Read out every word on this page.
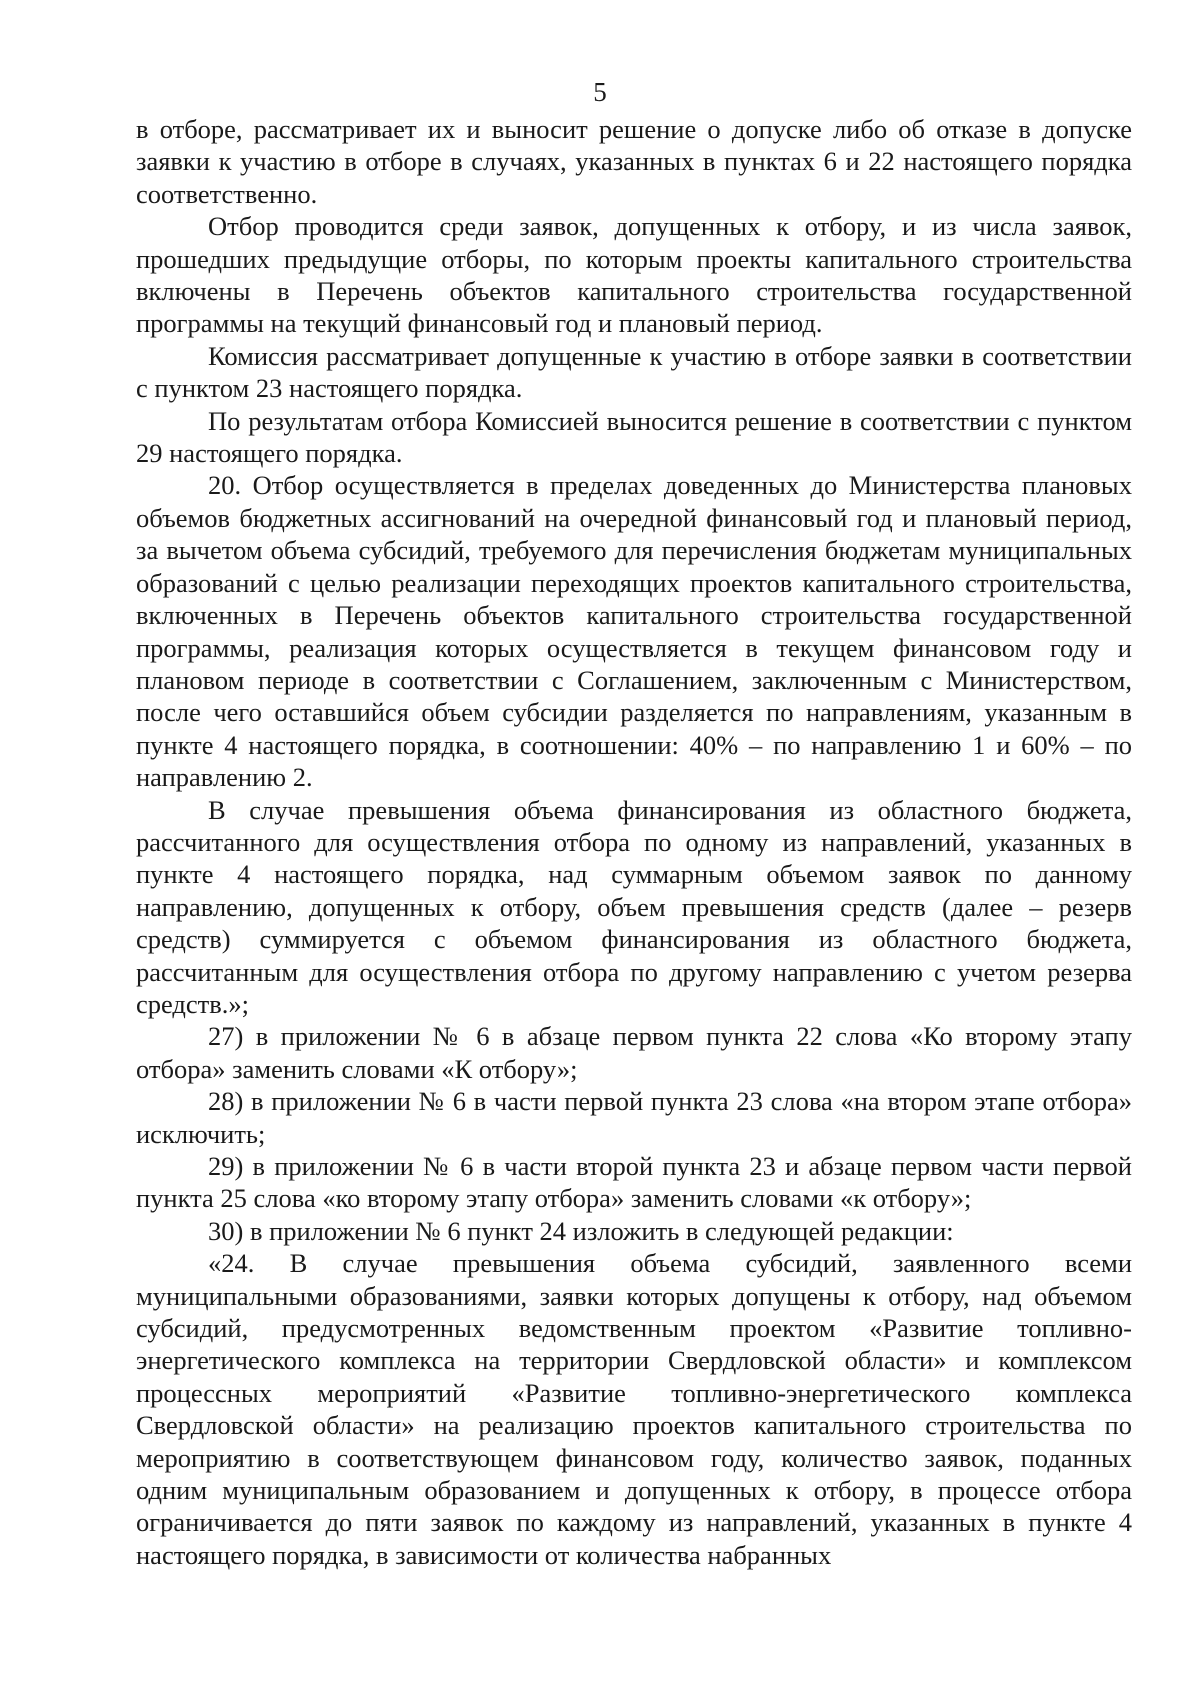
5

в отборе, рассматривает их и выносит решение о допуске либо об отказе в допуске заявки к участию в отборе в случаях, указанных в пунктах 6 и 22 настоящего порядка соответственно.

Отбор проводится среди заявок, допущенных к отбору, и из числа заявок, прошедших предыдущие отборы, по которым проекты капитального строительства включены в Перечень объектов капитального строительства государственной программы на текущий финансовый год и плановый период.

Комиссия рассматривает допущенные к участию в отборе заявки в соответствии с пунктом 23 настоящего порядка.

По результатам отбора Комиссией выносится решение в соответствии с пунктом 29 настоящего порядка.

20. Отбор осуществляется в пределах доведенных до Министерства плановых объемов бюджетных ассигнований на очередной финансовый год и плановый период, за вычетом объема субсидий, требуемого для перечисления бюджетам муниципальных образований с целью реализации переходящих проектов капитального строительства, включенных в Перечень объектов капитального строительства государственной программы, реализация которых осуществляется в текущем финансовом году и плановом периоде в соответствии с Соглашением, заключенным с Министерством, после чего оставшийся объем субсидии разделяется по направлениям, указанным в пункте 4 настоящего порядка, в соотношении: 40% – по направлению 1 и 60% – по направлению 2.

В случае превышения объема финансирования из областного бюджета, рассчитанного для осуществления отбора по одному из направлений, указанных в пункте 4 настоящего порядка, над суммарным объемом заявок по данному направлению, допущенных к отбору, объем превышения средств (далее – резерв средств) суммируется с объемом финансирования из областного бюджета, рассчитанным для осуществления отбора по другому направлению с учетом резерва средств.»;

27) в приложении № 6 в абзаце первом пункта 22 слова «Ко второму этапу отбора» заменить словами «К отбору»;

28) в приложении № 6 в части первой пункта 23 слова «на втором этапе отбора» исключить;

29) в приложении № 6 в части второй пункта 23 и абзаце первом части первой пункта 25 слова «ко второму этапу отбора» заменить словами «к отбору»;

30) в приложении № 6 пункт 24 изложить в следующей редакции:

«24. В случае превышения объема субсидий, заявленного всеми муниципальными образованиями, заявки которых допущены к отбору, над объемом субсидий, предусмотренных ведомственным проектом «Развитие топливно-энергетического комплекса на территории Свердловской области» и комплексом процессных мероприятий «Развитие топливно-энергетического комплекса Свердловской области» на реализацию проектов капитального строительства по мероприятию в соответствующем финансовом году, количество заявок, поданных одним муниципальным образованием и допущенных к отбору, в процессе отбора ограничивается до пяти заявок по каждому из направлений, указанных в пункте 4 настоящего порядка, в зависимости от количества набранных
